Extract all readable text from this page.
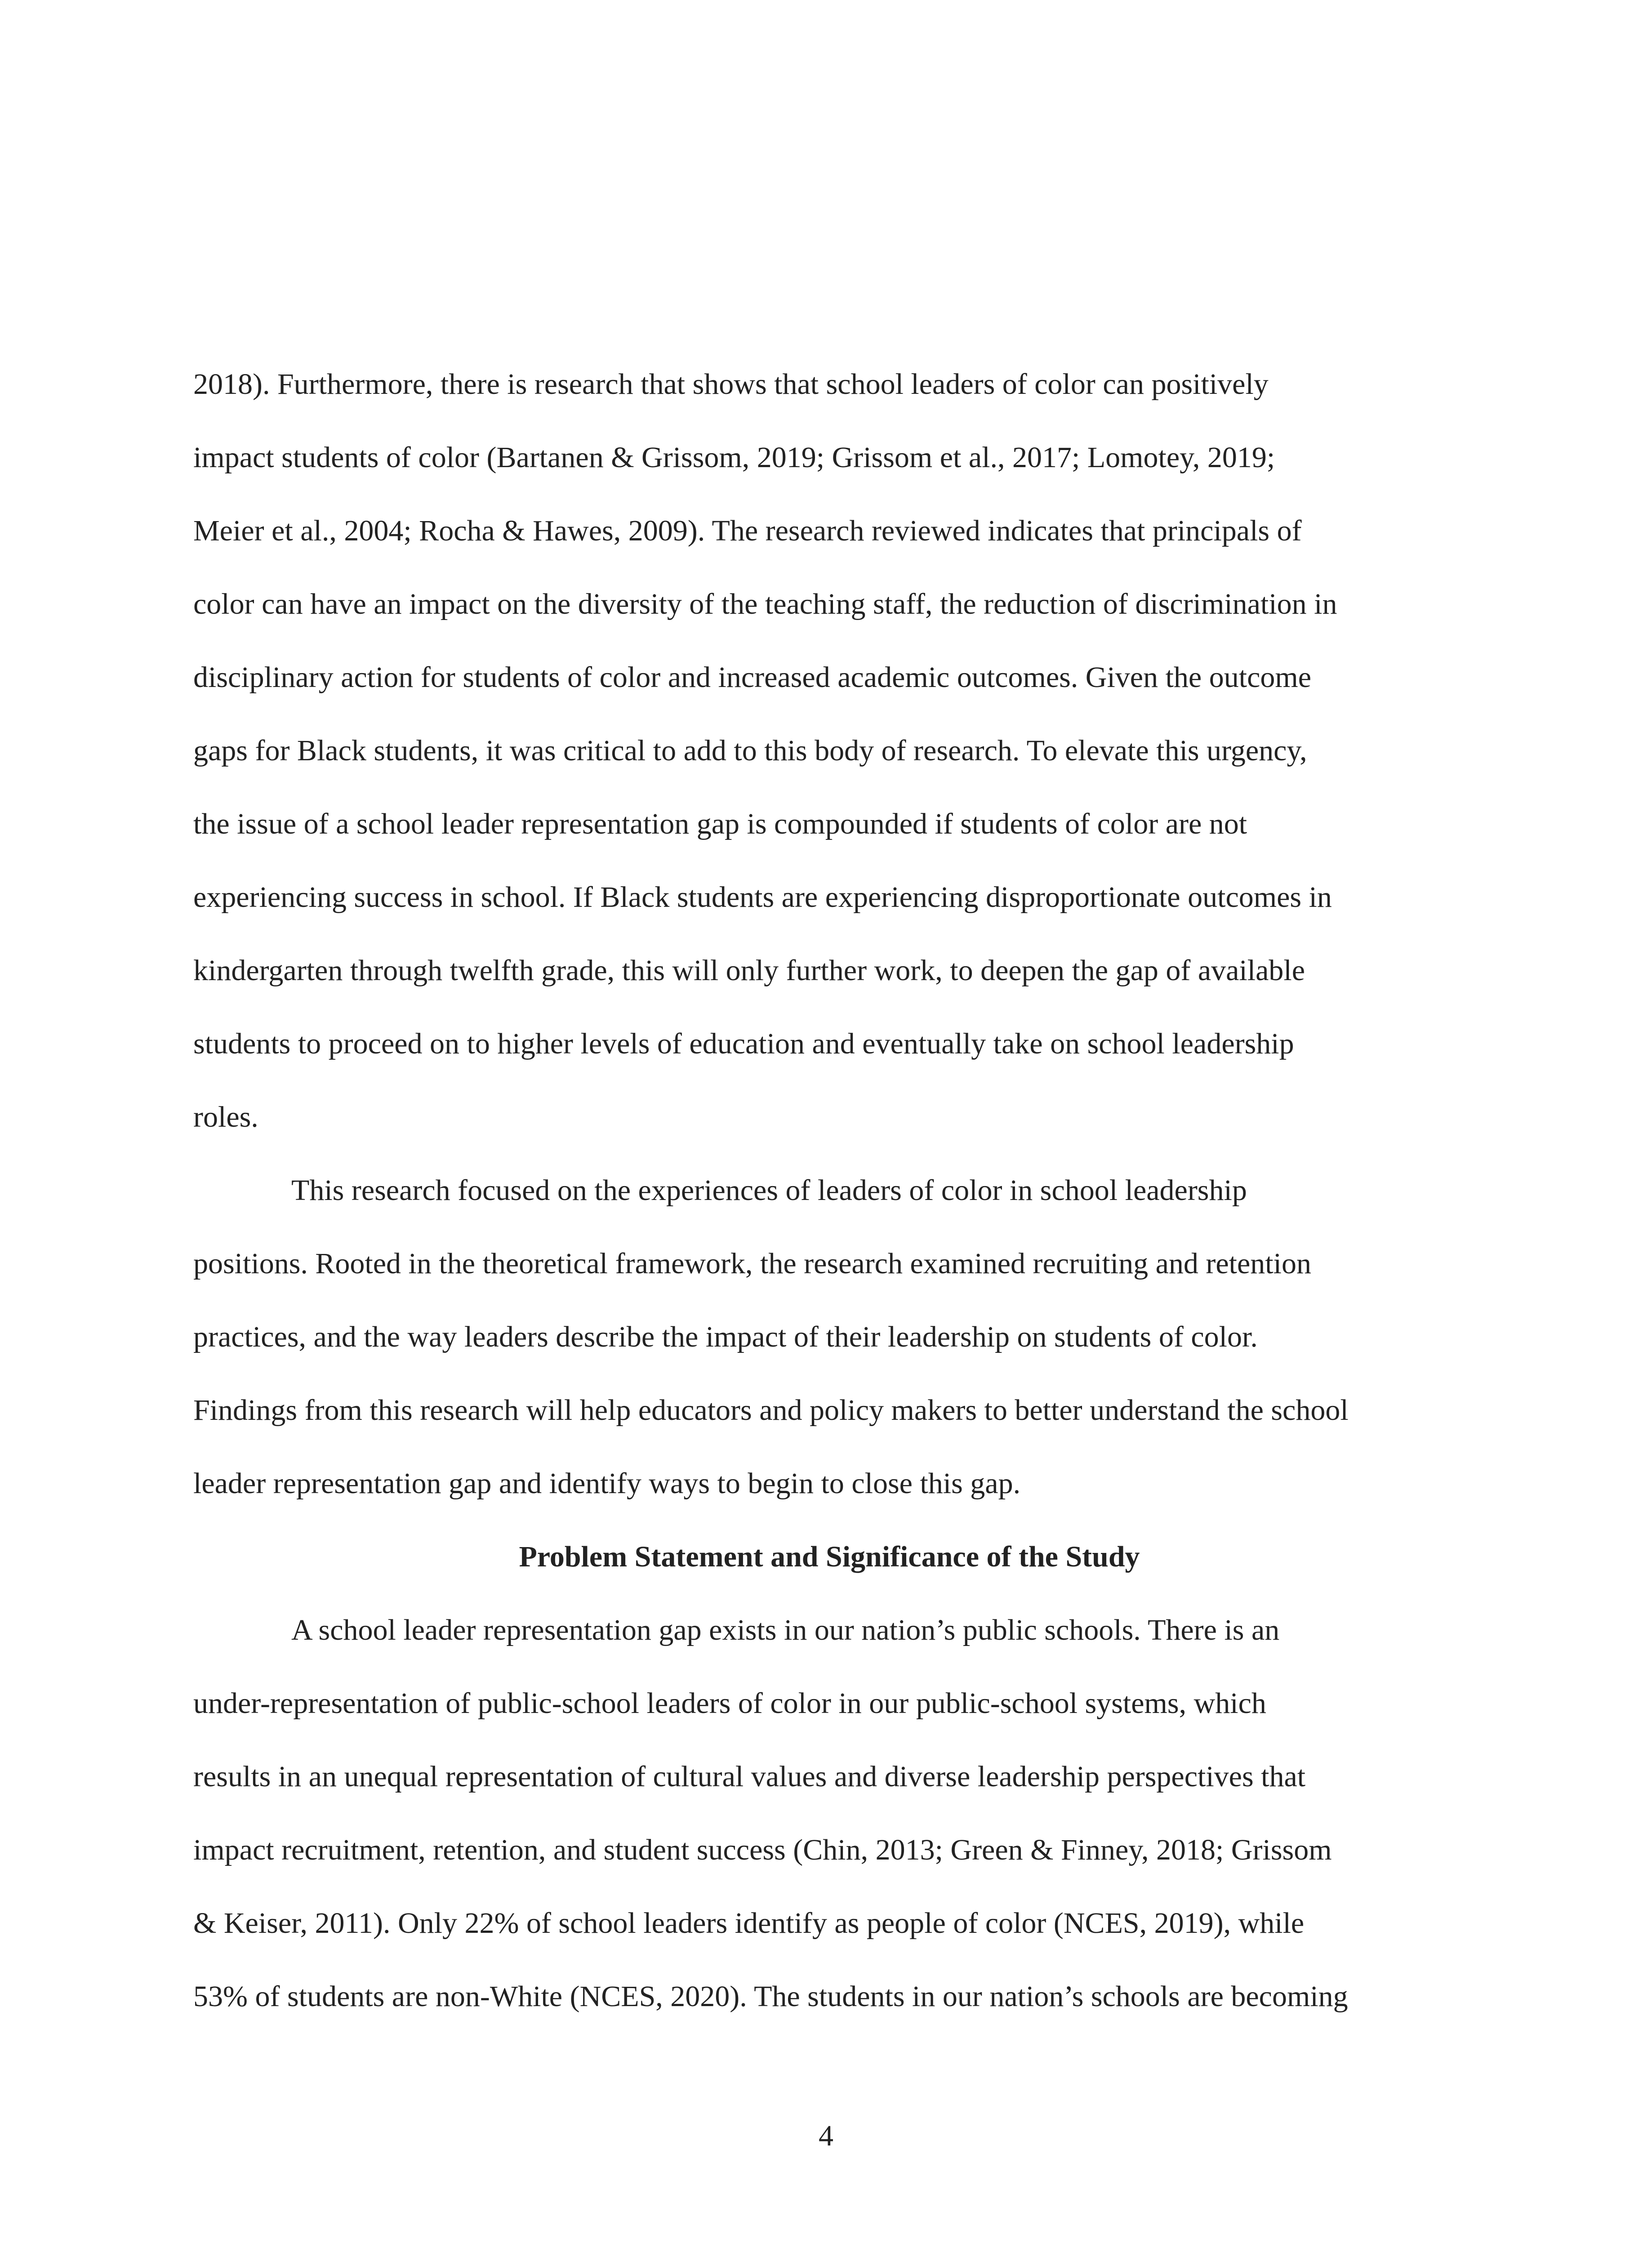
2018). Furthermore, there is research that shows that school leaders of color can positively
impact students of color (Bartanen & Grissom, 2019; Grissom et al., 2017; Lomotey, 2019;
Meier et al., 2004; Rocha & Hawes, 2009). The research reviewed indicates that principals of
color can have an impact on the diversity of the teaching staff, the reduction of discrimination in
disciplinary action for students of color and increased academic outcomes. Given the outcome
gaps for Black students, it was critical to add to this body of research. To elevate this urgency,
the issue of a school leader representation gap is compounded if students of color are not
experiencing success in school. If Black students are experiencing disproportionate outcomes in
kindergarten through twelfth grade, this will only further work, to deepen the gap of available
students to proceed on to higher levels of education and eventually take on school leadership
roles.
This research focused on the experiences of leaders of color in school leadership
positions. Rooted in the theoretical framework, the research examined recruiting and retention
practices, and the way leaders describe the impact of their leadership on students of color.
Findings from this research will help educators and policy makers to better understand the school
leader representation gap and identify ways to begin to close this gap.
Problem Statement and Significance of the Study
A school leader representation gap exists in our nation’s public schools. There is an
under-representation of public-school leaders of color in our public-school systems, which
results in an unequal representation of cultural values and diverse leadership perspectives that
impact recruitment, retention, and student success (Chin, 2013; Green & Finney, 2018; Grissom
& Keiser, 2011). Only 22% of school leaders identify as people of color (NCES, 2019), while
53% of students are non-White (NCES, 2020). The students in our nation’s schools are becoming
4
